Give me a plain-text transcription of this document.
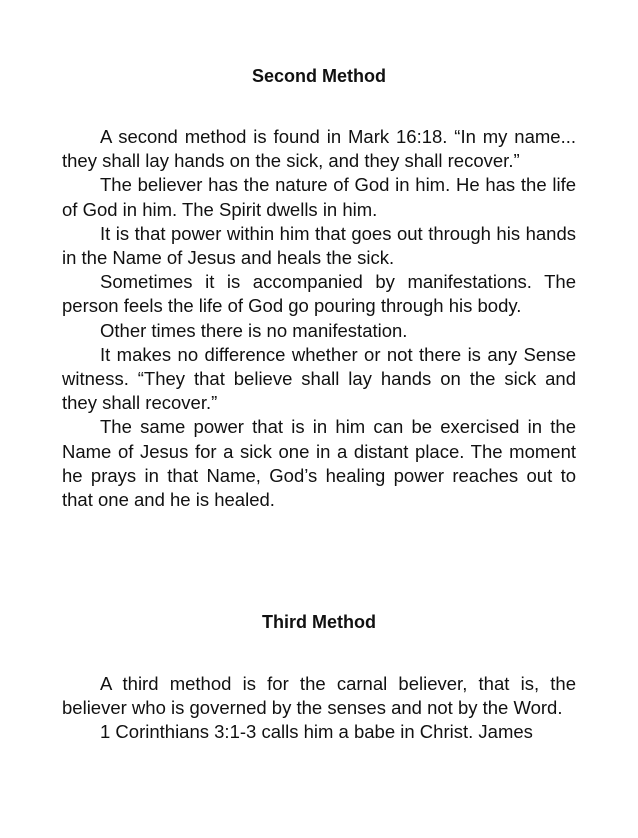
Second Method

A second method is found in Mark 16:18. “In my name... they shall lay hands on the sick, and they shall recover.”

The believer has the nature of God in him. He has the life of God in him. The Spirit dwells in him.

It is that power within him that goes out through his hands in the Name of Jesus and heals the sick.

Sometimes it is accompanied by manifestations. The person feels the life of God go pouring through his body.

Other times there is no manifestation.

It makes no difference whether or not there is any Sense witness. “They that believe shall lay hands on the sick and they shall recover.”

The same power that is in him can be exercised in the Name of Jesus for a sick one in a distant place. The moment he prays in that Name, God’s healing power reaches out to that one and he is healed.

Third Method

A third method is for the carnal believer, that is, the believer who is governed by the senses and not by the Word.

1 Corinthians 3:1-3 calls him a babe in Christ. James
